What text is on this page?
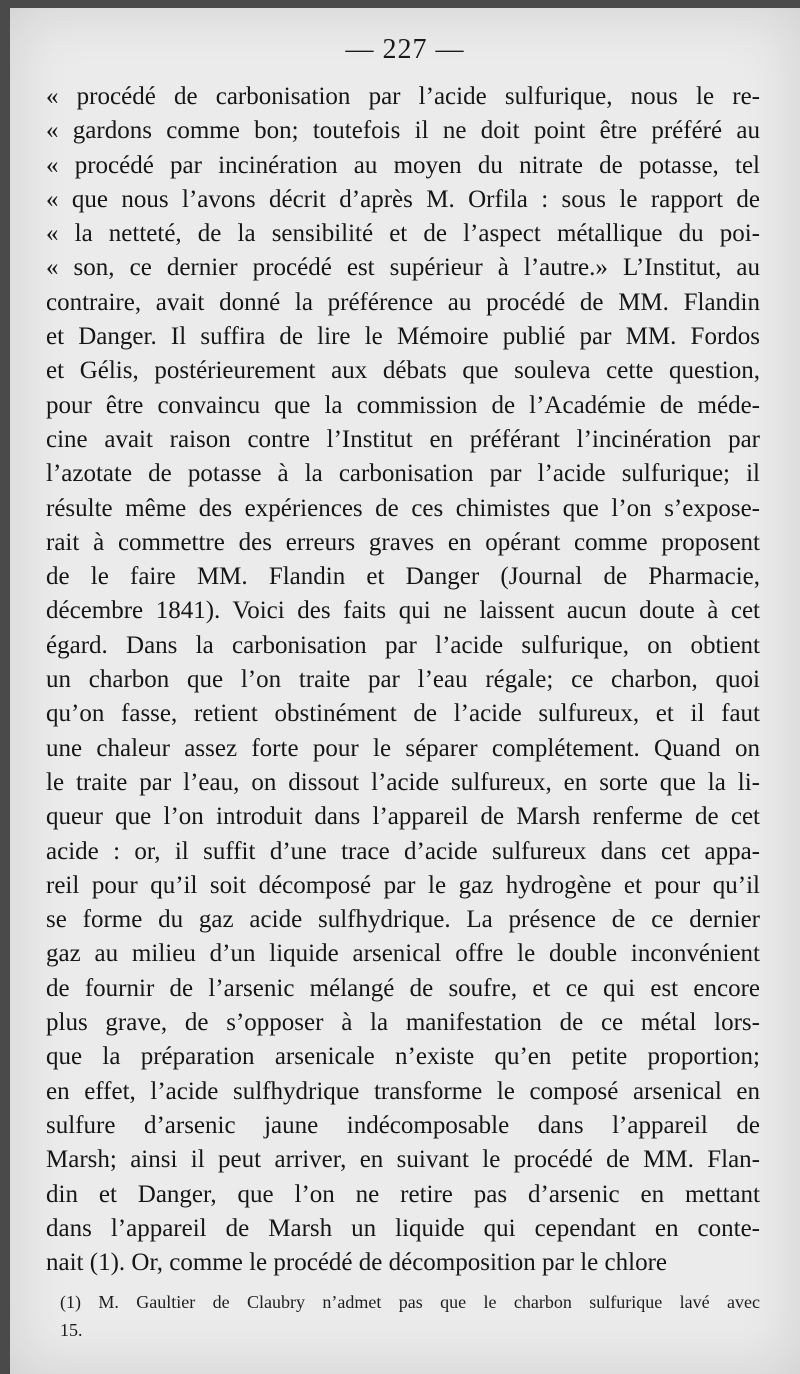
— 227 —
« procédé de carbonisation par l’acide sulfurique, nous le re-
« gardons comme bon; toutefois il ne doit point être préféré au
« procédé par incinération au moyen du nitrate de potasse, tel
« que nous l’avons décrit d’après M. Orfila : sous le rapport de
« la netteté, de la sensibilité et de l’aspect métallique du poi-
« son, ce dernier procédé est supérieur à l’autre.» L’Institut, au
contraire, avait donné la préférence au procédé de MM. Flandin
et Danger. Il suffira de lire le Mémoire publié par MM. Fordos
et Gélis, postérieurement aux débats que souleva cette question,
pour être convaincu que la commission de l’Académie de méde-
cine avait raison contre l’Institut en préférant l’incinération par
l’azotate de potasse à la carbonisation par l’acide sulfurique; il
résulte même des expériences de ces chimistes que l’on s’expose-
rait à commettre des erreurs graves en opérant comme proposent
de le faire MM. Flandin et Danger (Journal de Pharmacie,
décembre 1841). Voici des faits qui ne laissent aucun doute à cet
égard. Dans la carbonisation par l’acide sulfurique, on obtient
un charbon que l’on traite par l’eau régale; ce charbon, quoi
qu’on fasse, retient obstinément de l’acide sulfureux, et il faut
une chaleur assez forte pour le séparer complétement. Quand on
le traite par l’eau, on dissout l’acide sulfureux, en sorte que la li-
queur que l’on introduit dans l’appareil de Marsh renferme de cet
acide : or, il suffit d’une trace d’acide sulfureux dans cet appa-
reil pour qu’il soit décomposé par le gaz hydrogène et pour qu’il
se forme du gaz acide sulfhydrique. La présence de ce dernier
gaz au milieu d’un liquide arsenical offre le double inconvénient
de fournir de l’arsenic mélangé de soufre, et ce qui est encore
plus grave, de s’opposer à la manifestation de ce métal lors-
que la préparation arsenicale n’existe qu’en petite proportion;
en effet, l’acide sulfhydrique transforme le composé arsenical en
sulfure d’arsenic jaune indécomposable dans l’appareil de
Marsh; ainsi il peut arriver, en suivant le procédé de MM. Flan-
din et Danger, que l’on ne retire pas d’arsenic en mettant
dans l’appareil de Marsh un liquide qui cependant en conte-
nait (1). Or, comme le procédé de décomposition par le chlore
(1) M. Gaultier de Claubry n’admet pas que le charbon sulfurique lavé avec
15.
